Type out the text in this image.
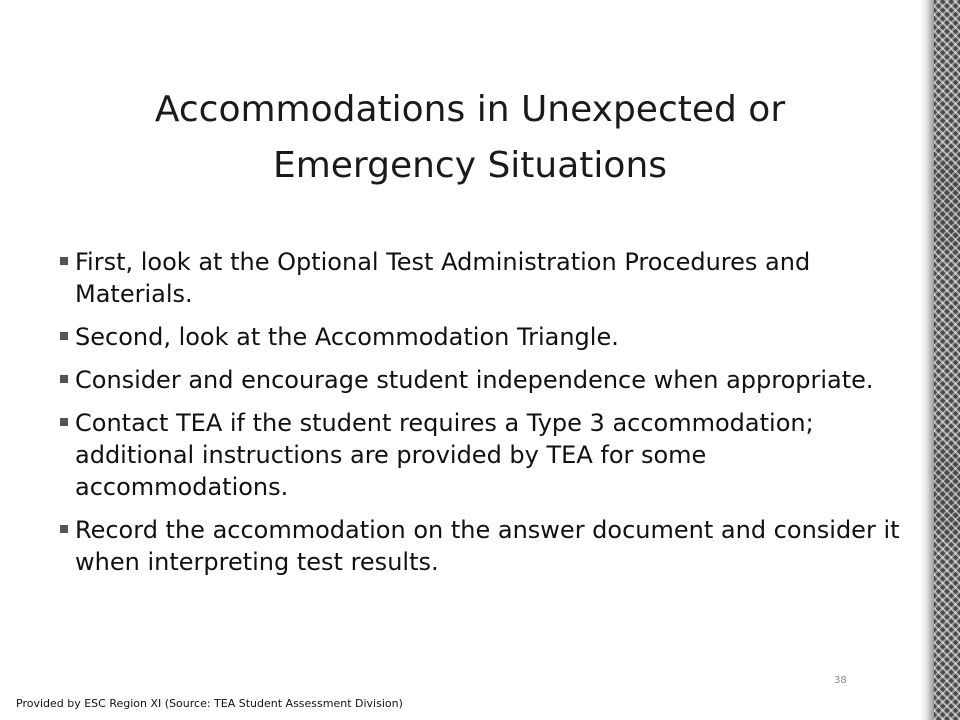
Accommodations in Unexpected or Emergency Situations
First, look at the Optional Test Administration Procedures and Materials.
Second, look at the Accommodation Triangle.
Consider and encourage student independence when appropriate.
Contact TEA if the student requires a Type 3 accommodation; additional instructions are provided by TEA for some accommodations.
Record the accommodation on the answer document and consider it when interpreting test results.
38
Provided by ESC Region XI (Source: TEA Student Assessment Division)
